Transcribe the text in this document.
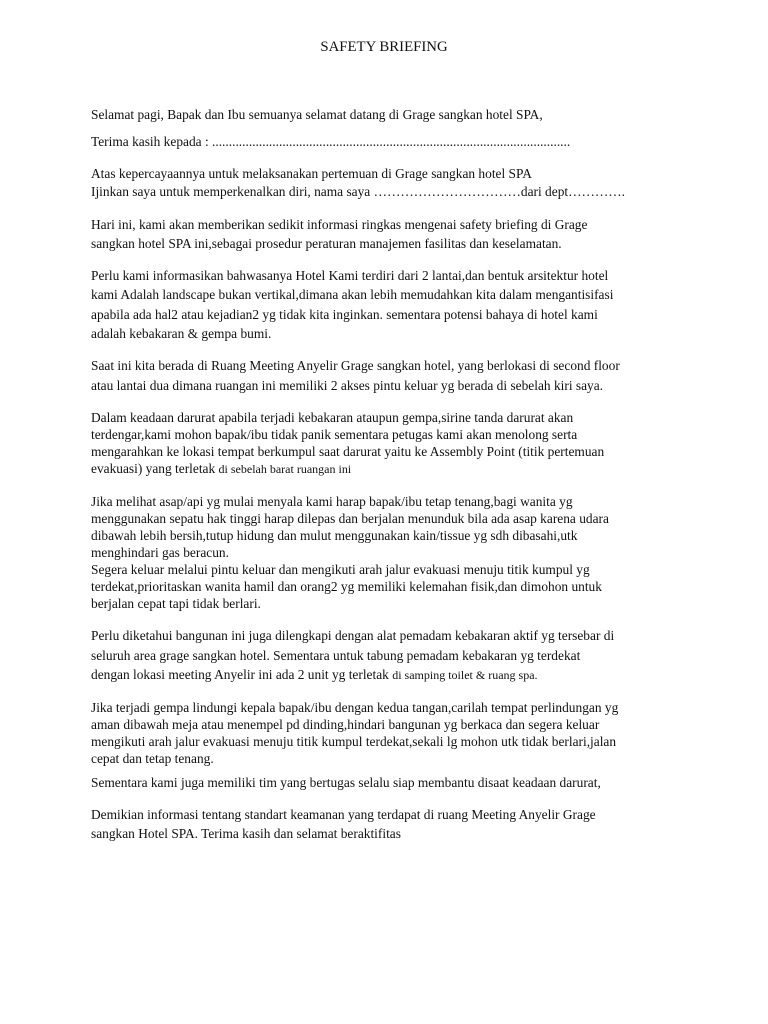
SAFETY BRIEFING
Selamat pagi, Bapak dan Ibu semuanya selamat datang di Grage sangkan hotel SPA,
Terima kasih kepada : ...........................................................................................................
Atas kepercayaannya untuk melaksanakan pertemuan di Grage sangkan hotel SPA
Ijinkan saya untuk memperkenalkan diri, nama saya ……………………………dari dept………….
Hari ini, kami akan memberikan sedikit informasi ringkas mengenai safety briefing di Grage
sangkan hotel SPA ini,sebagai prosedur peraturan manajemen fasilitas dan keselamatan.
Perlu kami informasikan bahwasanya Hotel Kami terdiri dari 2 lantai,dan bentuk arsitektur hotel
kami Adalah landscape bukan vertikal,dimana akan lebih memudahkan kita dalam mengantisifasi
apabila ada hal2 atau kejadian2 yg tidak kita inginkan. sementara potensi bahaya di hotel kami
adalah kebakaran & gempa bumi.
Saat ini kita berada di Ruang Meeting Anyelir Grage sangkan hotel, yang berlokasi di second floor
atau lantai dua dimana ruangan ini memiliki 2 akses pintu keluar yg berada di sebelah kiri saya.
Dalam keadaan darurat apabila terjadi kebakaran ataupun gempa,sirine tanda darurat akan
terdengar,kami mohon bapak/ibu tidak panik sementara petugas kami akan menolong serta
mengarahkan ke lokasi tempat berkumpul saat darurat yaitu ke Assembly Point (titik pertemuan
evakuasi) yang terletak di sebelah barat ruangan ini
Jika melihat asap/api yg mulai menyala kami harap bapak/ibu tetap tenang,bagi wanita yg
menggunakan sepatu hak tinggi harap dilepas dan berjalan menunduk bila ada asap karena udara
dibawah lebih bersih,tutup hidung dan mulut menggunakan kain/tissue yg sdh dibasahi,utk
menghindari gas beracun.
Segera keluar melalui pintu keluar dan mengikuti arah jalur evakuasi menuju titik kumpul yg
terdekat,prioritaskan wanita hamil dan orang2 yg memiliki kelemahan fisik,dan dimohon untuk
berjalan cepat tapi tidak berlari.
Perlu diketahui bangunan ini juga dilengkapi dengan alat pemadam kebakaran aktif yg tersebar di
seluruh area grage sangkan hotel. Sementara untuk tabung pemadam kebakaran yg terdekat
dengan lokasi meeting Anyelir ini ada 2 unit yg terletak di samping toilet & ruang spa.
Jika terjadi gempa lindungi kepala bapak/ibu dengan kedua tangan,carilah tempat perlindungan yg
aman dibawah meja atau menempel pd dinding,hindari bangunan yg berkaca dan segera keluar
mengikuti arah jalur evakuasi menuju titik kumpul terdekat,sekali lg mohon utk tidak berlari,jalan
cepat dan tetap tenang.
Sementara kami juga memiliki tim yang bertugas selalu siap membantu disaat keadaan darurat,
Demikian informasi tentang standart keamanan yang terdapat di ruang Meeting Anyelir Grage
sangkan Hotel SPA. Terima kasih dan selamat beraktifitas
